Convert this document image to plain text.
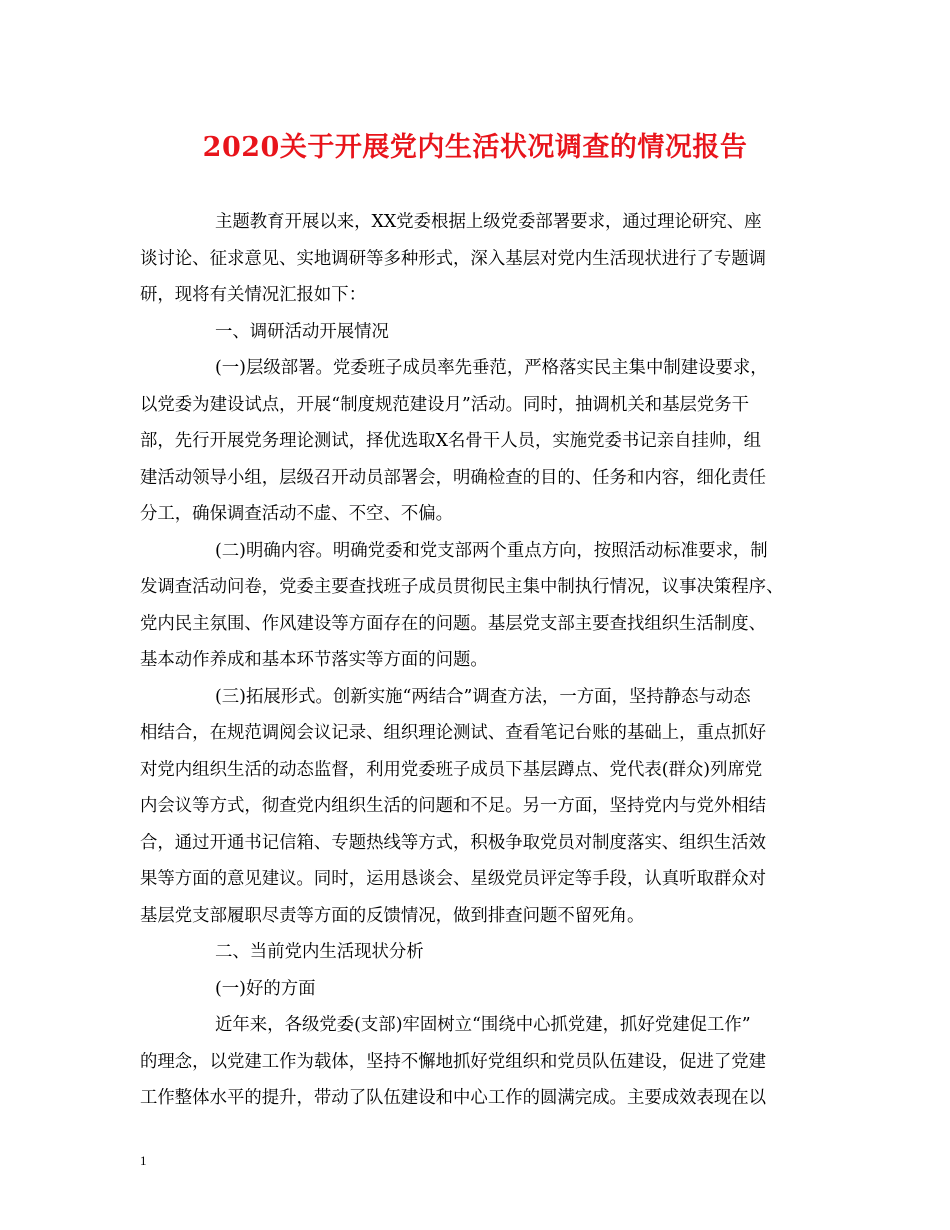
2020关于开展党内生活状况调查的情况报告
主题教育开展以来，XX党委根据上级党委部署要求，通过理论研究、座
谈讨论、征求意见、实地调研等多种形式，深入基层对党内生活现状进行了专题调
研，现将有关情况汇报如下：
一、调研活动开展情况
(一)层级部署。党委班子成员率先垂范，严格落实民主集中制建设要求，
以党委为建设试点，开展“制度规范建设月”活动。同时，抽调机关和基层党务干
部，先行开展党务理论测试，择优选取X名骨干人员，实施党委书记亲自挂帅，组
建活动领导小组，层级召开动员部署会，明确检查的目的、任务和内容，细化责任
分工，确保调查活动不虚、不空、不偏。
(二)明确内容。明确党委和党支部两个重点方向，按照活动标准要求，制
发调查活动问卷，党委主要查找班子成员贯彻民主集中制执行情况，议事决策程序、
党内民主氛围、作风建设等方面存在的问题。基层党支部主要查找组织生活制度、
基本动作养成和基本环节落实等方面的问题。
(三)拓展形式。创新实施“两结合”调查方法，一方面，坚持静态与动态
相结合，在规范调阅会议记录、组织理论测试、查看笔记台账的基础上，重点抓好
对党内组织生活的动态监督，利用党委班子成员下基层蹲点、党代表(群众)列席党
内会议等方式，彻查党内组织生活的问题和不足。另一方面，坚持党内与党外相结
合，通过开通书记信箱、专题热线等方式，积极争取党员对制度落实、组织生活效
果等方面的意见建议。同时，运用恳谈会、星级党员评定等手段，认真听取群众对
基层党支部履职尽责等方面的反馈情况，做到排查问题不留死角。
二、当前党内生活现状分析
(一)好的方面
近年来，各级党委(支部)牢固树立“围绕中心抓党建，抓好党建促工作”
的理念，以党建工作为载体，坚持不懈地抓好党组织和党员队伍建设，促进了党建
工作整体水平的提升，带动了队伍建设和中心工作的圆满完成。主要成效表现在以
1
